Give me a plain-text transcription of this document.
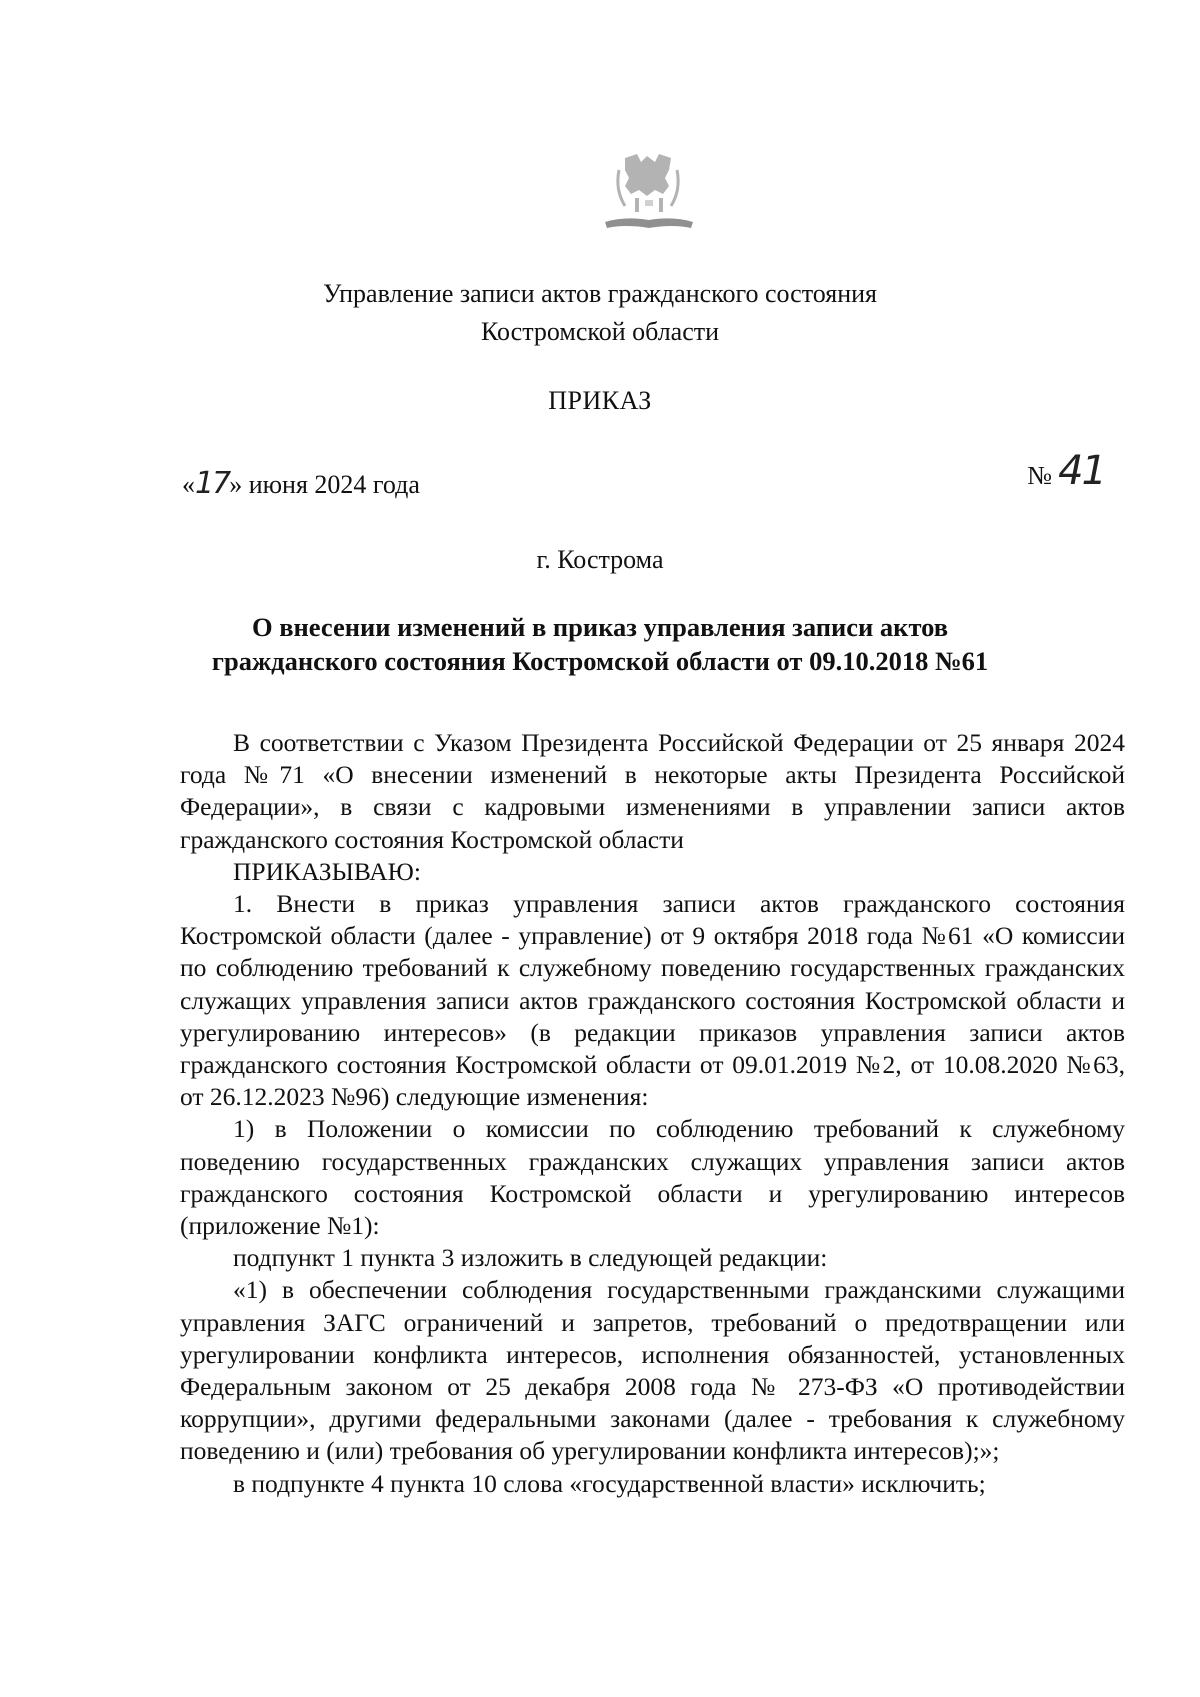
Управление записи актов гражданского состояния
Костромской области
ПРИКАЗ
«17» июня 2024 года	№ 41
г. Кострома
О внесении изменений в приказ управления записи актов
гражданского состояния Костромской области от 09.10.2018 №61

В соответствии с Указом Президента Российской Федерации от 25 января 2024 года №71 «О внесении изменений в некоторые акты Президента Российской Федерации», в связи с кадровыми изменениями в управлении записи актов гражданского состояния Костромской области

ПРИКАЗЫВАЮ:

1. Внести в приказ управления записи актов гражданского состояния Костромской области (далее - управление) от 9 октября 2018 года №61 «О комиссии по соблюдению требований к служебному поведению государственных гражданских служащих управления записи актов гражданского состояния Костромской области и урегулированию интересов» (в редакции приказов управления записи актов гражданского состояния Костромской области от 09.01.2019 №2, от 10.08.2020 №63, от 26.12.2023 №96) следующие изменения:

1) в Положении о комиссии по соблюдению требований к служебному поведению государственных гражданских служащих управления записи актов гражданского состояния Костромской области и урегулированию интересов (приложение №1):

подпункт 1 пункта 3 изложить в следующей редакции:

«1) в обеспечении соблюдения государственными гражданскими служащими управления ЗАГС ограничений и запретов, требований о предотвращении или урегулировании конфликта интересов, исполнения обязанностей, установленных Федеральным законом от 25 декабря 2008 года № 273-ФЗ «О противодействии коррупции», другими федеральными законами (далее - требования к служебному поведению и (или) требования об урегулировании конфликта интересов);»;

в подпункте 4 пункта 10 слова «государственной власти» исключить;
